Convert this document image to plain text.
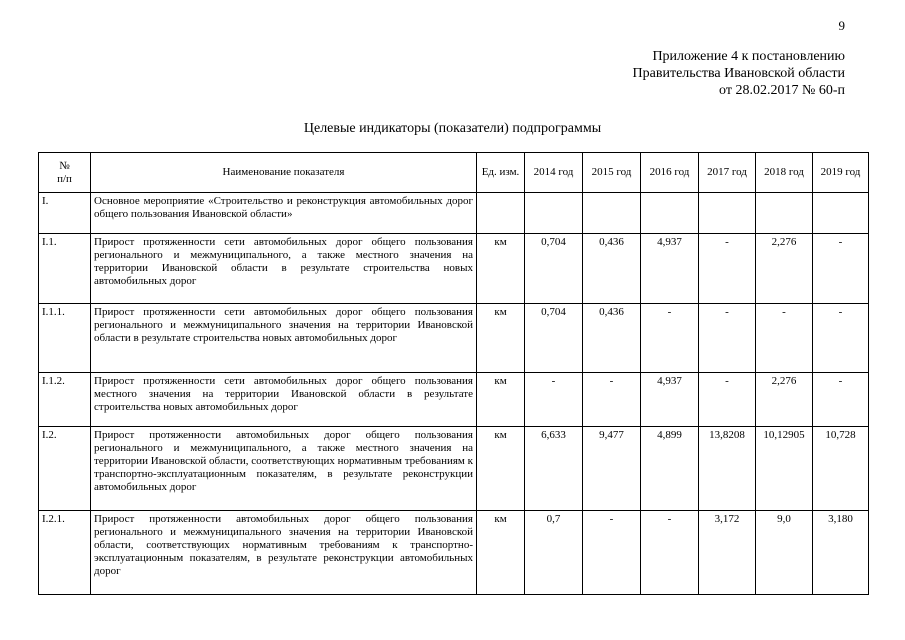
9
Приложение 4 к постановлению
Правительства Ивановской области
от 28.02.2017 № 60-п
Целевые индикаторы (показатели) подпрограммы
№
п/п	Наименование показателя	Ед. изм.	2014 год	2015 год	2016 год	2017 год	2018 год	2019 год
I.	Основное мероприятие «Строительство и реконструкция автомобильных дорог общего пользования Ивановской области»							
I.1.	Прирост протяженности сети автомобильных дорог общего пользования регионального и межмуниципального, а также местного значения на территории Ивановской области в результате строительства новых автомобильных дорог	км	0,704	0,436	4,937	-	2,276	-
I.1.1.	Прирост протяженности сети автомобильных дорог общего пользования регионального и межмуниципального значения на территории Ивановской области в результате строительства новых автомобильных дорог	км	0,704	0,436	-	-	-	-
I.1.2.	Прирост протяженности сети автомобильных дорог общего пользования местного значения на территории Ивановской области в результате строительства новых автомобильных дорог	км	-	-	4,937	-	2,276	-
I.2.	Прирост протяженности автомобильных дорог общего пользования регионального и межмуниципального, а также местного значения на территории Ивановской области, соответствующих нормативным требованиям к транспортно-эксплуатационным показателям, в результате реконструкции автомобильных дорог	км	6,633	9,477	4,899	13,8208	10,12905	10,728
I.2.1.	Прирост протяженности автомобильных дорог общего пользования регионального и межмуниципального значения на территории Ивановской области, соответствующих нормативным требованиям к транспортно-эксплуатационным показателям, в результате реконструкции автомобильных дорог	км	0,7	-	-	3,172	9,0	3,180
